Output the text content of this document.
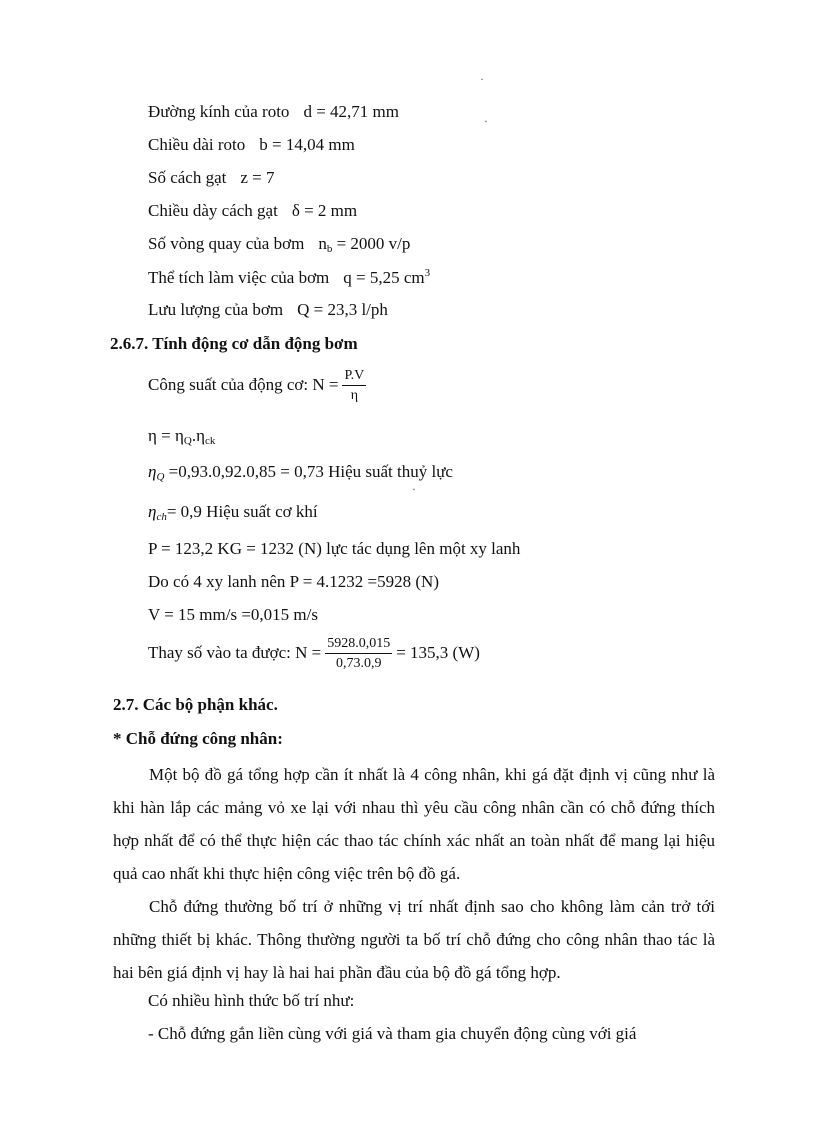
Đường kính của roto d = 42,71 mm
Chiều dài roto b = 14,04 mm
Số cách gạt z = 7
Chiều dày cách gạt δ = 2 mm
Số vòng quay của bơm $n_b = 2000$ v/p
Thể tích làm việc của bơm q = 5,25 $cm^3$
Lưu lượng của bơm Q = 23,3 l/ph
2.6.7. Tính động cơ dẫn động bơm
Công suất của động cơ: $N = \frac{P.V}{\eta}$
$\eta = \eta_Q.\eta_{ck}$
$\eta_Q =0,93.0,92.0,85 = 0,73$ Hiệu suất thuỷ lực
$\eta_{ch}= 0,9$ Hiệu suất cơ khí
P = 123,2 KG = 1232 (N) lực tác dụng lên một xy lanh
Do có 4 xy lanh nên P = 4.1232 =5928 (N)
V = 15 mm/s =0,015 m/s
Thay số vào ta được: $N = \frac{5928.0,015}{0,73.0,9} = 135,3$ (W)
2.7. Các bộ phận khác.
* Chỗ đứng công nhân:

Một bộ đồ gá tổng hợp cần ít nhất là 4 công nhân, khi gá đặt định vị cũng như là khi hàn lắp các mảng vỏ xe lại với nhau thì yêu cầu công nhân cần có chỗ đứng thích hợp nhất để có thể thực hiện các thao tác chính xác nhất an toàn nhất để mang lại hiệu quả cao nhất khi thực hiện công việc trên bộ đồ gá.

Chỗ đứng thường bố trí ở những vị trí nhất định sao cho không làm cản trở tới những thiết bị khác. Thông thường người ta bố trí chỗ đứng cho công nhân thao tác là hai bên giá định vị hay là hai hai phần đầu của bộ đồ gá tổng hợp.

Có nhiều hình thức bố trí như:
- Chỗ đứng gắn liền cùng với giá và tham gia chuyển động cùng với giá
·
ˋ
ˋ
